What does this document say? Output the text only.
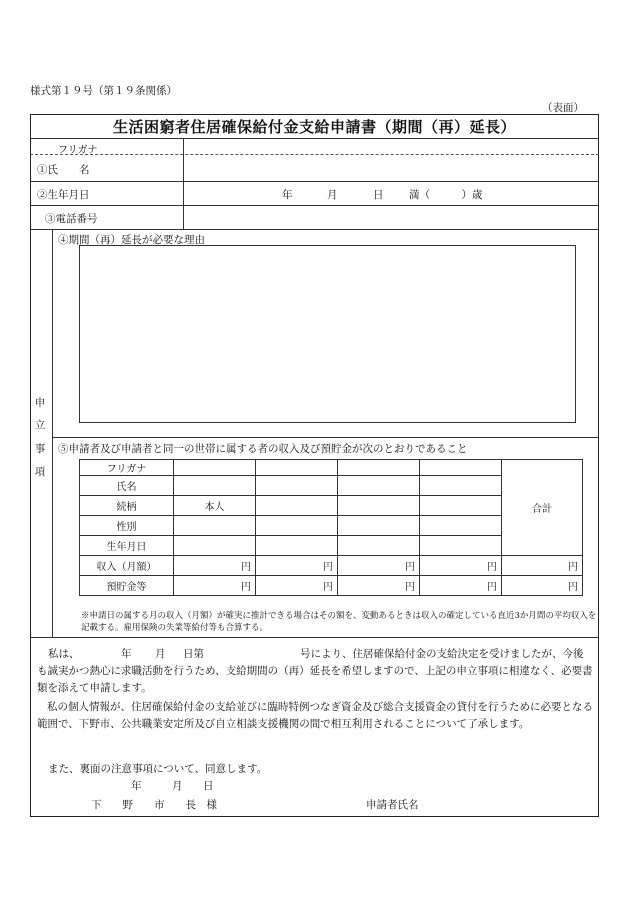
様式第１９号（第１９条関係）
（表面）
生活困窮者住居確保給付金支給申請書（期間（再）延長）
フリガナ
①氏　　名
②生年月日	年	月	日 満（　　　）歳
③電話番号
申
立
事
項
④期間（再）延長が必要な理由
⑤申請者及び申請者と同一の世帯に属する者の収入及び預貯金が次のとおりであること
フリガナ					合計
氏名					
続柄	本人				
性別					
生年月日					
収入（月額）	円	円	円	円	円
預貯金等	円	円	円	円	円
※申請日の属する月の収入（月額）が確実に推計できる場合はその額を、変動あるときは収入の確定している直近3か月間の平均収入を記載する。雇用保険の失業等給付等も合算する。
私は、	年 月 日第	号により、住居確保給付金の支給決定を受けましたが、今後も誠実かつ熱心に求職活動を行うため、支給期間の（再）延長を希望しますので、上記の申立事項に相違なく、必要書類を添えて申請します。
私の個人情報が、住居確保給付金の支給並びに臨時特例つなぎ資金及び総合支援資金の貸付を行うために必要となる範囲で、下野市、公共職業安定所及び自立相談支援機関の間で相互利用されることについて了承します。
また、裏面の注意事項について、同意します。
年	月 日
下　　野　　市　　長　様	申請者氏名
